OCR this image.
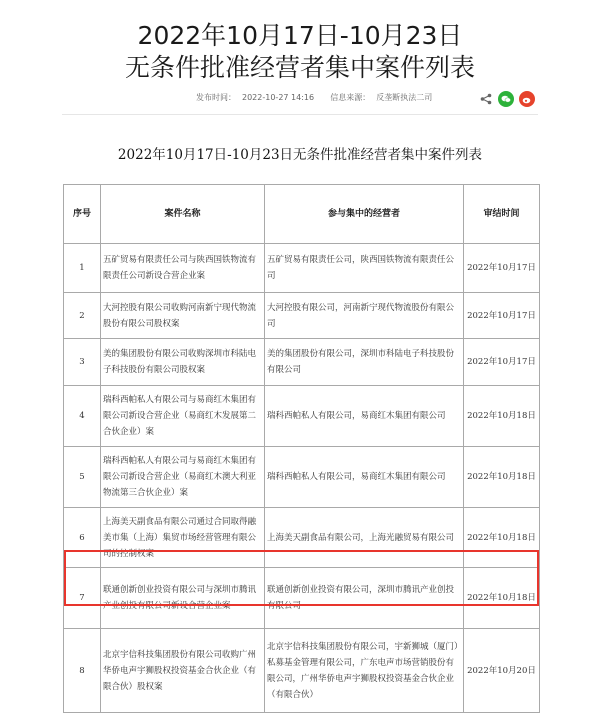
2022年10月17日-10月23日
无条件批准经营者集中案件列表
发布时间： 2022-10-27 14:16 信息来源： 反垄断执法二司
2022年10月17日-10月23日无条件批准经营者集中案件列表
序号	案件名称	参与集中的经营者	审结时间
1	五矿贸易有限责任公司与陕西国铁物流有限责任公司新设合营企业案	五矿贸易有限责任公司，陕西国铁物流有限责任公司	2022年10月17日
2	大河控股有限公司收购河南新宁现代物流股份有限公司股权案	大河控股有限公司，河南新宁现代物流股份有限公司	2022年10月17日
3	美的集团股份有限公司收购深圳市科陆电子科技股份有限公司股权案	美的集团股份有限公司，深圳市科陆电子科技股份有限公司	2022年10月17日
4	瑞科西帕私人有限公司与易商红木集团有限公司新设合营企业（易商红木发展第二合伙企业）案	瑞科西帕私人有限公司，易商红木集团有限公司	2022年10月18日
5	瑞科西帕私人有限公司与易商红木集团有限公司新设合营企业（易商红木澳大利亚物流第三合伙企业）案	瑞科西帕私人有限公司，易商红木集团有限公司	2022年10月18日
6	上海美天副食品有限公司通过合同取得融美市集（上海）集贸市场经营管理有限公司的控制权案	上海美天副食品有限公司，上海光融贸易有限公司	2022年10月18日
7	联通创新创业投资有限公司与深圳市腾讯产业创投有限公司新设合营企业案	联通创新创业投资有限公司，深圳市腾讯产业创投有限公司	2022年10月18日
8	北京宇信科技集团股份有限公司收购广州华侨电声宇狮股权投资基金合伙企业（有限合伙）股权案	北京宇信科技集团股份有限公司，宇新狮城（厦门）私募基金管理有限公司，广东电声市场营销股份有限公司，广州华侨电声宇狮股权投资基金合伙企业（有限合伙）	2022年10月20日
